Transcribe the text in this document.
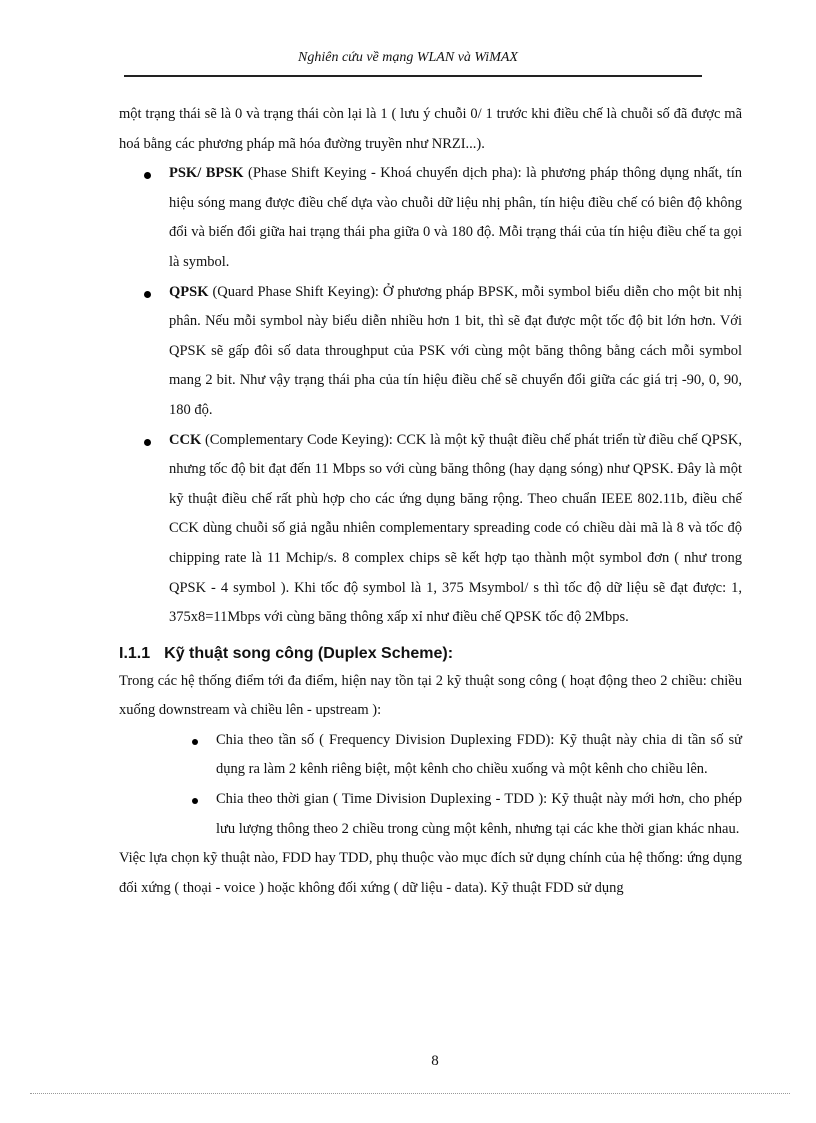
Nghiên cứu về mạng WLAN và WiMAX

một trạng thái sẽ là 0 và trạng thái còn lại là 1 ( lưu ý chuỗi 0/ 1 trước khi điều chế là chuỗi số đã được mã hoá bằng các phương pháp mã hóa đường truyền như NRZI...).

PSK/ BPSK (Phase Shift Keying - Khoá chuyển dịch pha): là phương pháp thông dụng nhất, tín hiệu sóng mang được điều chế dựa vào chuỗi dữ liệu nhị phân, tín hiệu điều chế có biên độ không đổi và biến đổi giữa hai trạng thái pha giữa 0 và 180 độ. Mỗi trạng thái của tín hiệu điều chế ta gọi là symbol.
QPSK (Quard Phase Shift Keying): Ở phương pháp BPSK, mỗi symbol biểu diễn cho một bit nhị phân. Nếu mỗi symbol này biểu diễn nhiều hơn 1 bit, thì sẽ đạt được một tốc độ bit lớn hơn. Với QPSK sẽ gấp đôi số data throughput của PSK với cùng một băng thông bằng cách mỗi symbol mang 2 bit. Như vậy trạng thái pha của tín hiệu điều chế sẽ chuyển đổi giữa các giá trị -90, 0, 90, 180 độ.
CCK (Complementary Code Keying): CCK là một kỹ thuật điều chế phát triển từ điều chế QPSK, nhưng tốc độ bit đạt đến 11 Mbps so với cùng băng thông (hay dạng sóng) như QPSK. Đây là một kỹ thuật điều chế rất phù hợp cho các ứng dụng băng rộng. Theo chuẩn IEEE 802.11b, điều chế CCK dùng chuỗi số giả ngẫu nhiên complementary spreading code có chiều dài mã là 8 và tốc độ chipping rate là 11 Mchip/s. 8 complex chips sẽ kết hợp tạo thành một symbol đơn ( như trong QPSK - 4 symbol ). Khi tốc độ symbol là 1, 375 Msymbol/ s thì tốc độ dữ liệu sẽ đạt được: 1, 375x8=11Mbps với cùng băng thông xấp xỉ như điều chế QPSK tốc độ 2Mbps.
I.1.1 Kỹ thuật song công (Duplex Scheme):

Trong các hệ thống điểm tới đa điểm, hiện nay tồn tại 2 kỹ thuật song công ( hoạt động theo 2 chiều: chiều xuống downstream và chiều lên - upstream ):

Chia theo tần số ( Frequency Division Duplexing FDD): Kỹ thuật này chia di tần số sử dụng ra làm 2 kênh riêng biệt, một kênh cho chiều xuống và một kênh cho chiều lên.
Chia theo thời gian ( Time Division Duplexing - TDD ): Kỹ thuật này mới hơn, cho phép lưu lượng thông theo 2 chiều trong cùng một kênh, nhưng tại các khe thời gian khác nhau.

Việc lựa chọn kỹ thuật nào, FDD hay TDD, phụ thuộc vào mục đích sử dụng chính của hệ thống: ứng dụng đối xứng ( thoại - voice ) hoặc không đối xứng ( dữ liệu - data). Kỹ thuật FDD sử dụng

8
